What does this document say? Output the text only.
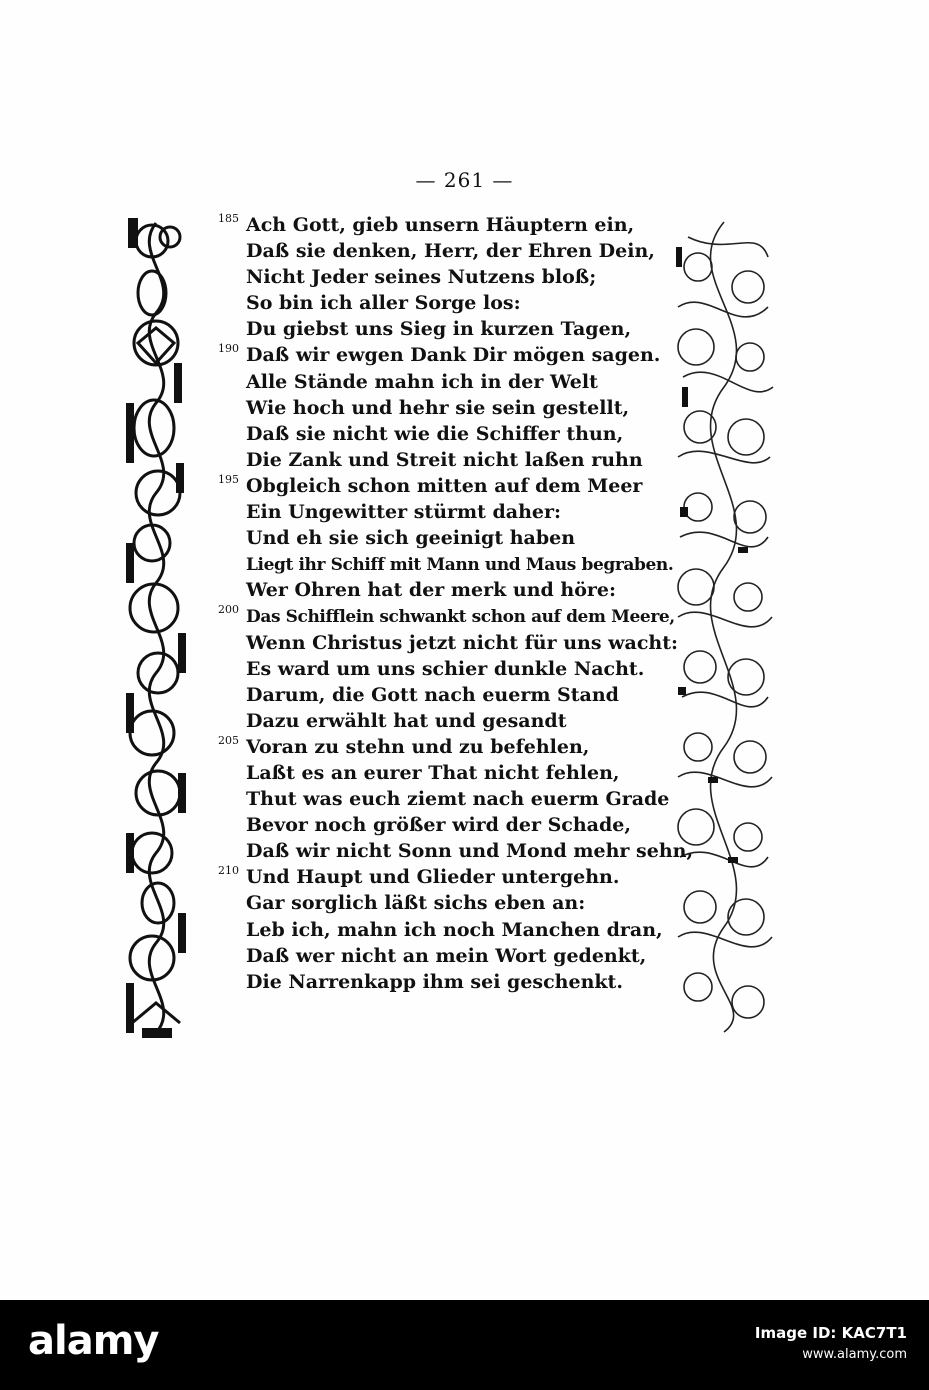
— 261 —
185 Ach Gott, gieb unsern Häuptern ein,
Daß sie denken, Herr, der Ehren Dein,
Nicht Jeder seines Nutzens bloß;
So bin ich aller Sorge los:
Du giebst uns Sieg in kurzen Tagen,
190 Daß wir ewgen Dank Dir mögen sagen.
Alle Stände mahn ich in der Welt
Wie hoch und hehr sie sein gestellt,
Daß sie nicht wie die Schiffer thun,
Die Zank und Streit nicht laßen ruhn
195 Obgleich schon mitten auf dem Meer
Ein Ungewitter stürmt daher:
Und eh sie sich geeinigt haben
Liegt ihr Schiff mit Mann und Maus begraben.
Wer Ohren hat der merk und höre:
200 Das Schifflein schwankt schon auf dem Meere,
Wenn Christus jetzt nicht für uns wacht:
Es ward um uns schier dunkle Nacht.
Darum, die Gott nach euerm Stand
Dazu erwählt hat und gesandt
205 Voran zu stehn und zu befehlen,
Laßt es an eurer That nicht fehlen,
Thut was euch ziemt nach euerm Grade
Bevor noch größer wird der Schade,
Daß wir nicht Sonn und Mond mehr sehn,
210 Und Haupt und Glieder untergehn.
Gar sorglich läßt sichs eben an:
Leb ich, mahn ich noch Manchen dran,
Daß wer nicht an mein Wort gedenkt,
Die Narrenkapp ihm sei geschenkt.
alamy	Image ID: KAC7T1
www.alamy.com
